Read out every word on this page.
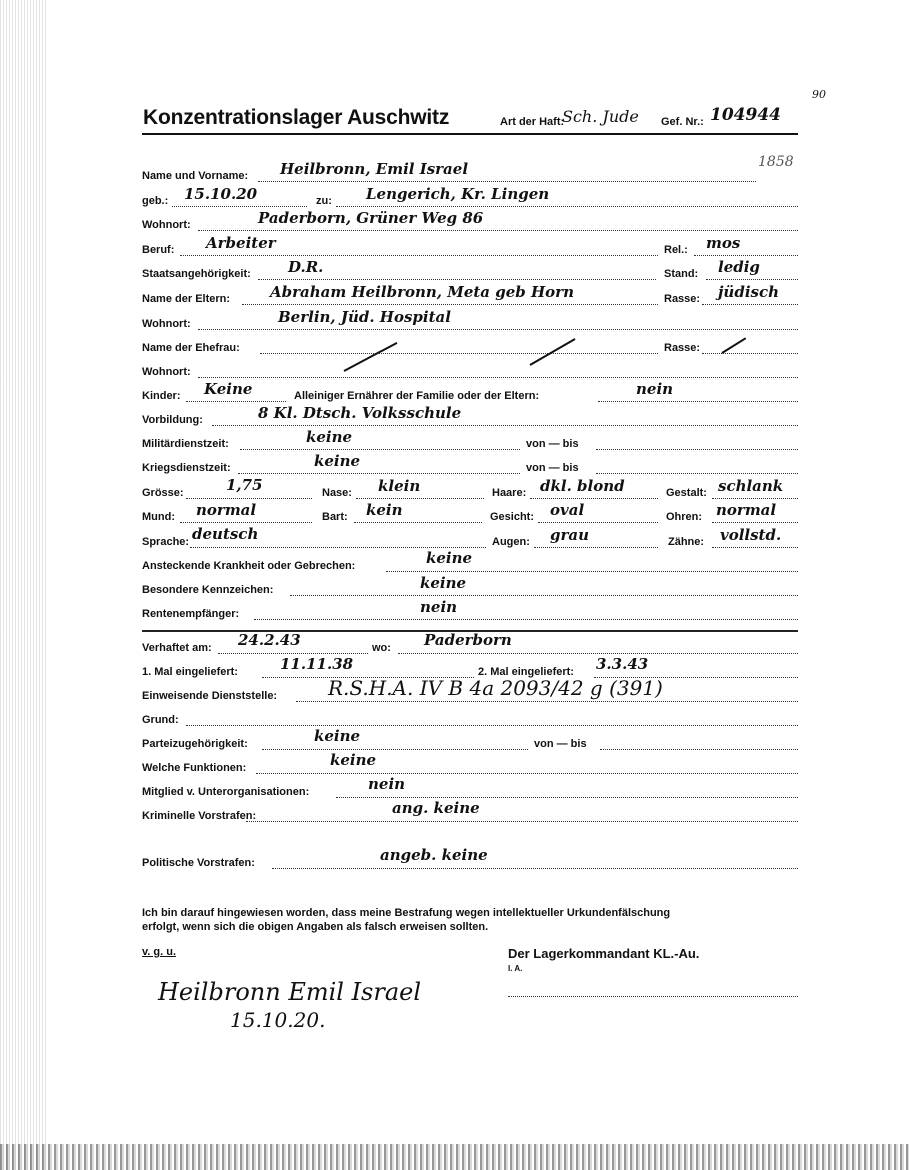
90
Konzentrationslager Auschwitz	Art der Haft:
Sch. Jude Gef. Nr.: 104944
1858
Name und Vorname: Heilbronn, Emil Israel
geb.: 15.10.20	zu: Lengerich, Kr. Lingen
Wohnort:	Paderborn, Grüner Weg 86
Beruf: Arbeiter	Rel.: mos
Staatsangehörigkeit: D.R.	Stand: ledig
Name der Eltern:	Abraham Heilbronn, Meta geb Horn	Rasse: jüdisch
Wohnort:	Berlin, Jüd. Hospital
Name der Ehefrau:	Rasse:
Wohnort:
Kinder: Keine	Alleiniger Ernährer der Familie oder der Eltern:	nein
Vorbildung:	8 Kl. Dtsch. Volksschule
Militärdienstzeit:	keine	von — bis
Kriegsdienstzeit:	keine	von — bis
Grösse:	1,75	Nase: klein	Haare: dkl. blond	Gestalt: schlank
Mund: normal	Bart: kein	Gesicht: oval	Ohren: normal
Sprache: deutsch	Augen: grau	Zähne: vollstd.
Ansteckende Krankheit oder Gebrechen:	keine
Besondere Kennzeichen:	keine
Rentenempfänger:	nein
Verhaftet am: 24.2.43	wo: Paderborn
1. Mal eingeliefert:	11.11.38	2. Mal eingeliefert: 3.3.43
Einweisende Dienststelle:	R.S.H.A. IV B 4a 2093/42 g (391)
Grund:
Parteizugehörigkeit:	keine	von — bis
Welche Funktionen:	keine
Mitglied v. Unterorganisationen:	nein
Kriminelle Vorstrafen:	ang. keine
Politische Vorstrafen:	angeb. keine
Ich bin darauf hingewiesen worden, dass meine Bestrafung wegen intellektueller Urkundenfälschung
erfolgt, wenn sich die obigen Angaben als falsch erweisen sollten.
v. g. u.	Der Lagerkommandant KL.-Au.
I. A.
Heilbronn Emil Israel
15.10.20.
